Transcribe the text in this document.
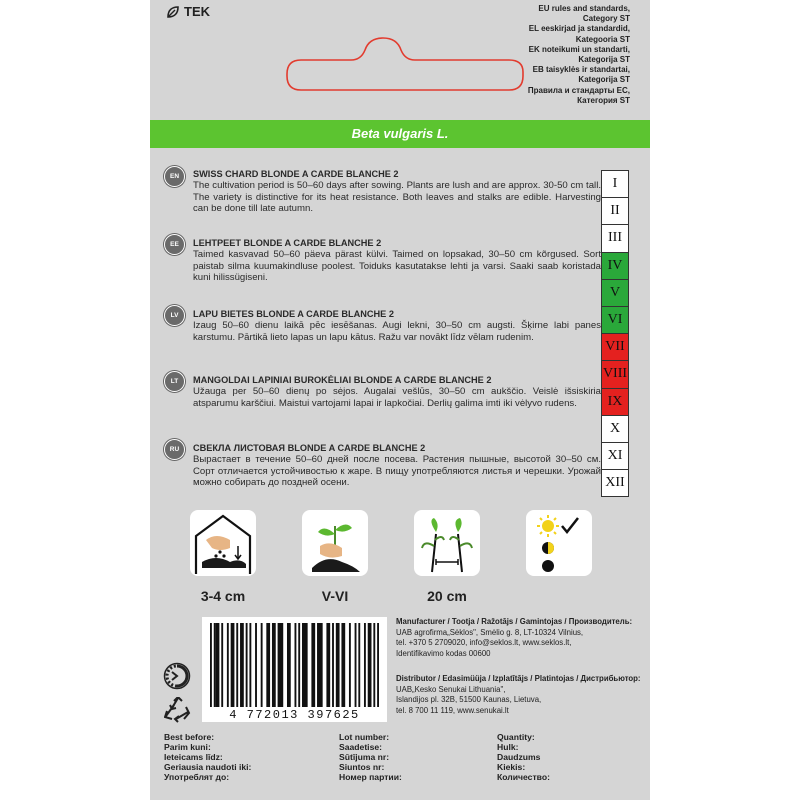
TEK	EU rules and standards,
Category ST
EL eeskirjad ja standardid,
Kategooria ST
EK noteikumi un standarti,
Kategorija ST
EB taisyklės ir standartai,
Kategorija ST
Правила и стандарты ЕС,
Категория ST
Beta vulgaris L.
EN
EE
LV
LT
RU
SWISS CHARD BLONDE A CARDE BLANCHE 2
The cultivation period is 50–60 days after sowing. Plants are lush and are approx. 30-50 cm tall. The variety is distinctive for its heat resistance. Both leaves and stalks are edible. Harvesting can be done till late autumn.
LEHTPEET BLONDE A CARDE BLANCHE 2
Taimed kasvavad 50–60 päeva pärast külvi. Taimed on lopsakad, 30–50 cm kõrgused. Sort paistab silma kuumakindluse poolest. Toiduks kasutatakse lehti ja varsi. Saaki saab koristada kuni hilissügiseni.
LAPU BIETES BLONDE A CARDE BLANCHE 2
Izaug 50–60 dienu laikā pēc iesēšanas. Augi lekni, 30–50 cm augsti. Šķirne labi panes karstumu. Pārtikā lieto lapas un lapu kātus. Ražu var novākt līdz vēlam rudenim.
MANGOLDAI LAPINIAI BUROKĖLIAI BLONDE A CARDE BLANCHE 2
Užauga per 50–60 dienų po sėjos. Augalai vešlūs, 30–50 cm aukščio. Veislė išsiskiria atsparumu karščiui. Maistui vartojami lapai ir lapkočiai. Derlių galima imti iki vėlyvo rudens.
СВЕКЛА ЛИСТОВАЯ BLONDE A CARDE BLANCHE 2
Вырастает в течение 50–60 дней после посева. Растения пышные, высотой 30–50 см. Сорт отличается устойчивостью к жаре. В пищу употребляются листья и черешки. Урожай можно собирать до поздней осени.
I
II
III
IV
V
VI
VII
VIII
IX
X
XI
XII
3-4 cm	V-VI	20 cm
4 772013 397625
Manufacturer / Tootja / Ražotājs / Gamintojas / Производитель:
UAB agrofirma„Sėklos", Smėlio g. 8, LT-10324 Vilnius,
tel. +370 5 2709020, info@seklos.lt, www.seklos.lt,
Identifikavimo kodas 00600
Distributor / Edasimüüja / Izplatītājs / Platintojas / Дистрибьютор:
UAB„Kesko Senukai Lithuania",
Islandijos pl. 32B, 51500 Kaunas, Lietuva,
tel. 8 700 11 119, www.senukai.lt
Best before:
Parim kuni:
Ieteicams līdz:
Geriausia naudoti iki:
Употреблят до:
Lot number:
Saadetise:
Sūtījuma nr:
Siuntos nr:
Номер партии:
Quantity:
Hulk:
Daudzums
Kiekis:
Количество:
